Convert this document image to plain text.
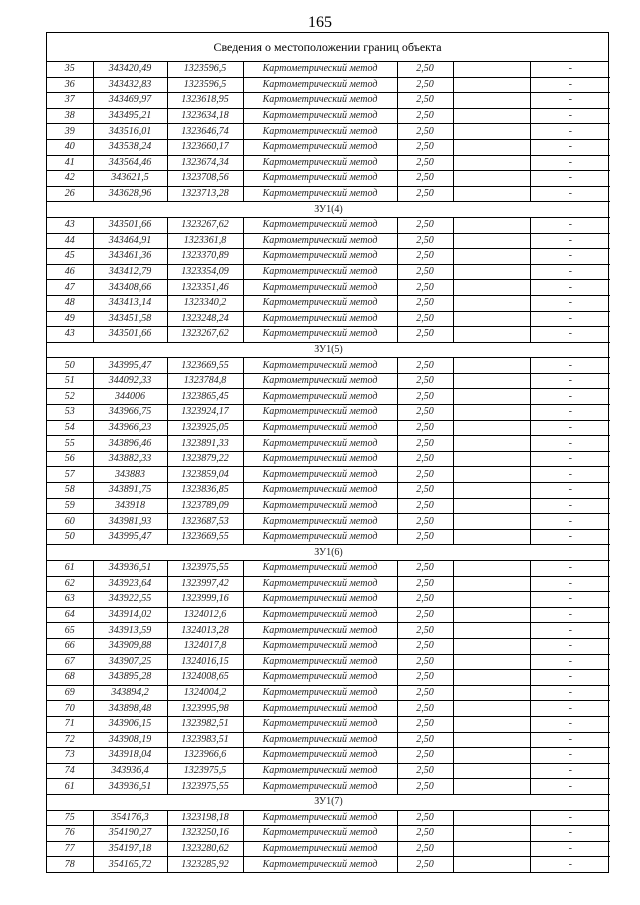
165
Сведения о местоположении границ объекта
35	343420,49	1323596,5	Картометрический метод	2,50		-
36	343432,83	1323596,5	Картометрический метод	2,50		-
37	343469,97	1323618,95	Картометрический метод	2,50		-
38	343495,21	1323634,18	Картометрический метод	2,50		-
39	343516,01	1323646,74	Картометрический метод	2,50		-
40	343538,24	1323660,17	Картометрический метод	2,50		-
41	343564,46	1323674,34	Картометрический метод	2,50		-
42	343621,5	1323708,56	Картометрический метод	2,50		-
26	343628,96	1323713,28	Картометрический метод	2,50		-
ЗУ1(4)						
43	343501,66	1323267,62	Картометрический метод	2,50		-
44	343464,91	1323361,8	Картометрический метод	2,50		-
45	343461,36	1323370,89	Картометрический метод	2,50		-
46	343412,79	1323354,09	Картометрический метод	2,50		-
47	343408,66	1323351,46	Картометрический метод	2,50		-
48	343413,14	1323340,2	Картометрический метод	2,50		-
49	343451,58	1323248,24	Картометрический метод	2,50		-
43	343501,66	1323267,62	Картометрический метод	2,50		-
ЗУ1(5)						
50	343995,47	1323669,55	Картометрический метод	2,50		-
51	344092,33	1323784,8	Картометрический метод	2,50		-
52	344006	1323865,45	Картометрический метод	2,50		-
53	343966,75	1323924,17	Картометрический метод	2,50		-
54	343966,23	1323925,05	Картометрический метод	2,50		-
55	343896,46	1323891,33	Картометрический метод	2,50		-
56	343882,33	1323879,22	Картометрический метод	2,50		-
57	343883	1323859,04	Картометрический метод	2,50		-
58	343891,75	1323836,85	Картометрический метод	2,50		-
59	343918	1323789,09	Картометрический метод	2,50		-
60	343981,93	1323687,53	Картометрический метод	2,50		-
50	343995,47	1323669,55	Картометрический метод	2,50		-
ЗУ1(6)						
61	343936,51	1323975,55	Картометрический метод	2,50		-
62	343923,64	1323997,42	Картометрический метод	2,50		-
63	343922,55	1323999,16	Картометрический метод	2,50		-
64	343914,02	1324012,6	Картометрический метод	2,50		-
65	343913,59	1324013,28	Картометрический метод	2,50		-
66	343909,88	1324017,8	Картометрический метод	2,50		-
67	343907,25	1324016,15	Картометрический метод	2,50		-
68	343895,28	1324008,65	Картометрический метод	2,50		-
69	343894,2	1324004,2	Картометрический метод	2,50		-
70	343898,48	1323995,98	Картометрический метод	2,50		-
71	343906,15	1323982,51	Картометрический метод	2,50		-
72	343908,19	1323983,51	Картометрический метод	2,50		-
73	343918,04	1323966,6	Картометрический метод	2,50		-
74	343936,4	1323975,5	Картометрический метод	2,50		-
61	343936,51	1323975,55	Картометрический метод	2,50		-
ЗУ1(7)						
75	354176,3	1323198,18	Картометрический метод	2,50		-
76	354190,27	1323250,16	Картометрический метод	2,50		-
77	354197,18	1323280,62	Картометрический метод	2,50		-
78	354165,72	1323285,92	Картометрический метод	2,50		-
